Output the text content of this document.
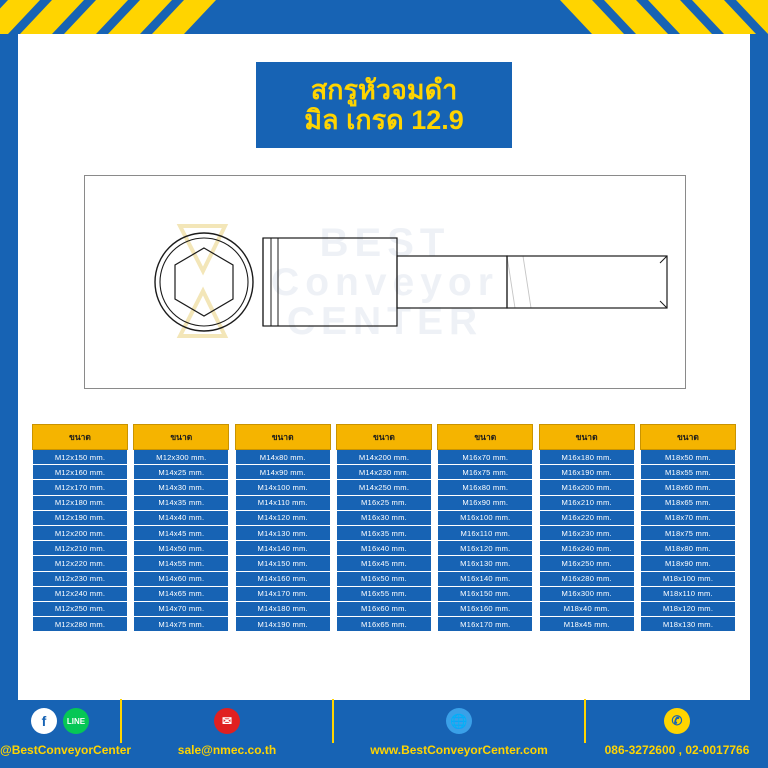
สกรูหัวจมดำ
มิล เกรด 12.9
BEST
Conveyor
CENTER
ขนาด
M12x150 mm.
M12x160 mm.
M12x170 mm.
M12x180 mm.
M12x190 mm.
M12x200 mm.
M12x210 mm.
M12x220 mm.
M12x230 mm.
M12x240 mm.
M12x250 mm.
M12x280 mm.
ขนาด
M12x300 mm.
M14x25 mm.
M14x30 mm.
M14x35 mm.
M14x40 mm.
M14x45 mm.
M14x50 mm.
M14x55 mm.
M14x60 mm.
M14x65 mm.
M14x70 mm.
M14x75 mm.
ขนาด
M14x80 mm.
M14x90 mm.
M14x100 mm.
M14x110 mm.
M14x120 mm.
M14x130 mm.
M14x140 mm.
M14x150 mm.
M14x160 mm.
M14x170 mm.
M14x180 mm.
M14x190 mm.
ขนาด
M14x200 mm.
M14x230 mm.
M14x250 mm.
M16x25 mm.
M16x30 mm.
M16x35 mm.
M16x40 mm.
M16x45 mm.
M16x50 mm.
M16x55 mm.
M16x60 mm.
M16x65 mm.
ขนาด
M16x70 mm.
M16x75 mm.
M16x80 mm.
M16x90 mm.
M16x100 mm.
M16x110 mm.
M16x120 mm.
M16x130 mm.
M16x140 mm.
M16x150 mm.
M16x160 mm.
M16x170 mm.
ขนาด
M16x180 mm.
M16x190 mm.
M16x200 mm.
M16x210 mm.
M16x220 mm.
M16x230 mm.
M16x240 mm.
M16x250 mm.
M16x280 mm.
M16x300 mm.
M18x40 mm.
M18x45 mm.
ขนาด
M18x50 mm.
M18x55 mm.
M18x60 mm.
M18x65 mm.
M18x70 mm.
M18x75 mm.
M18x80 mm.
M18x90 mm.
M18x100 mm.
M18x110 mm.
M18x120 mm.
M18x130 mm.
f	LINE	✉	🌐	✆
@BestConveyorCenter	sale@nmec.co.th	www.BestConveyorCenter.com	086-3272600 , 02-0017766
